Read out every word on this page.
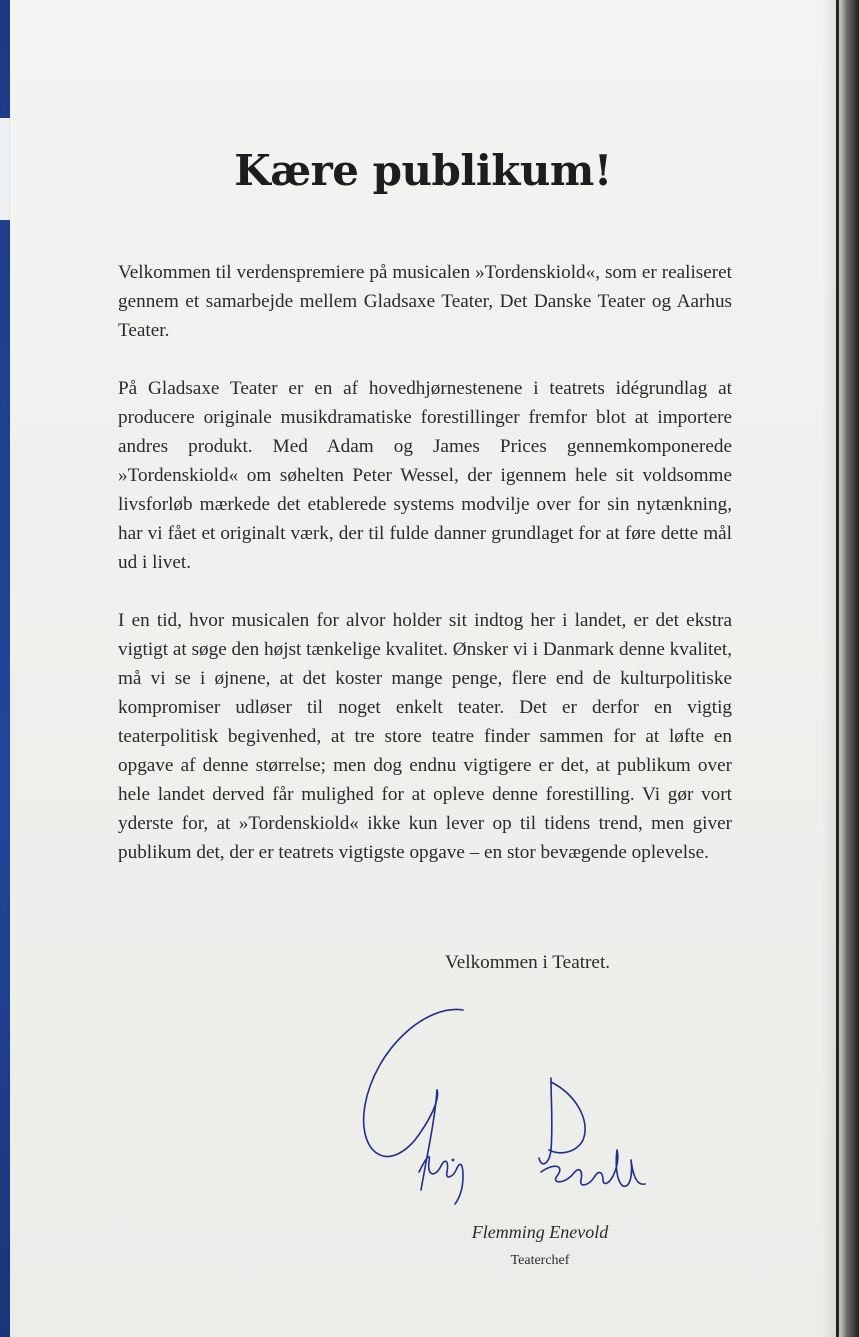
Kære publikum!

Velkommen til verdenspremiere på musicalen »Tordenskiold«, som er realiseret gennem et samarbejde mellem Gladsaxe Teater, Det Danske Teater og Aarhus Teater.

På Gladsaxe Teater er en af hovedhjørnestenene i teatrets idégrundlag at producere originale musikdramatiske forestillinger fremfor blot at importere andres produkt. Med Adam og James Prices gennemkomponerede »Tordenskiold« om søhelten Peter Wessel, der igennem hele sit voldsomme livsforløb mærkede det etablerede systems modvilje over for sin nytænkning, har vi fået et originalt værk, der til fulde danner grundlaget for at føre dette mål ud i livet.

I en tid, hvor musicalen for alvor holder sit indtog her i landet, er det ekstra vigtigt at søge den højst tænkelige kvalitet. Ønsker vi i Danmark denne kvalitet, må vi se i øjnene, at det koster mange penge, flere end de kulturpolitiske kompromiser udløser til noget enkelt teater. Det er derfor en vigtig teaterpolitisk begivenhed, at tre store teatre finder sammen for at løfte en opgave af denne størrelse; men dog endnu vigtigere er det, at publikum over hele landet derved får mulighed for at opleve denne forestilling. Vi gør vort yderste for, at »Tordenskiold« ikke kun lever op til tidens trend, men giver publikum det, der er teatrets vigtigste opgave – en stor bevægende oplevelse.

Velkommen i Teatret.

Flemming Enevold

Teaterchef
